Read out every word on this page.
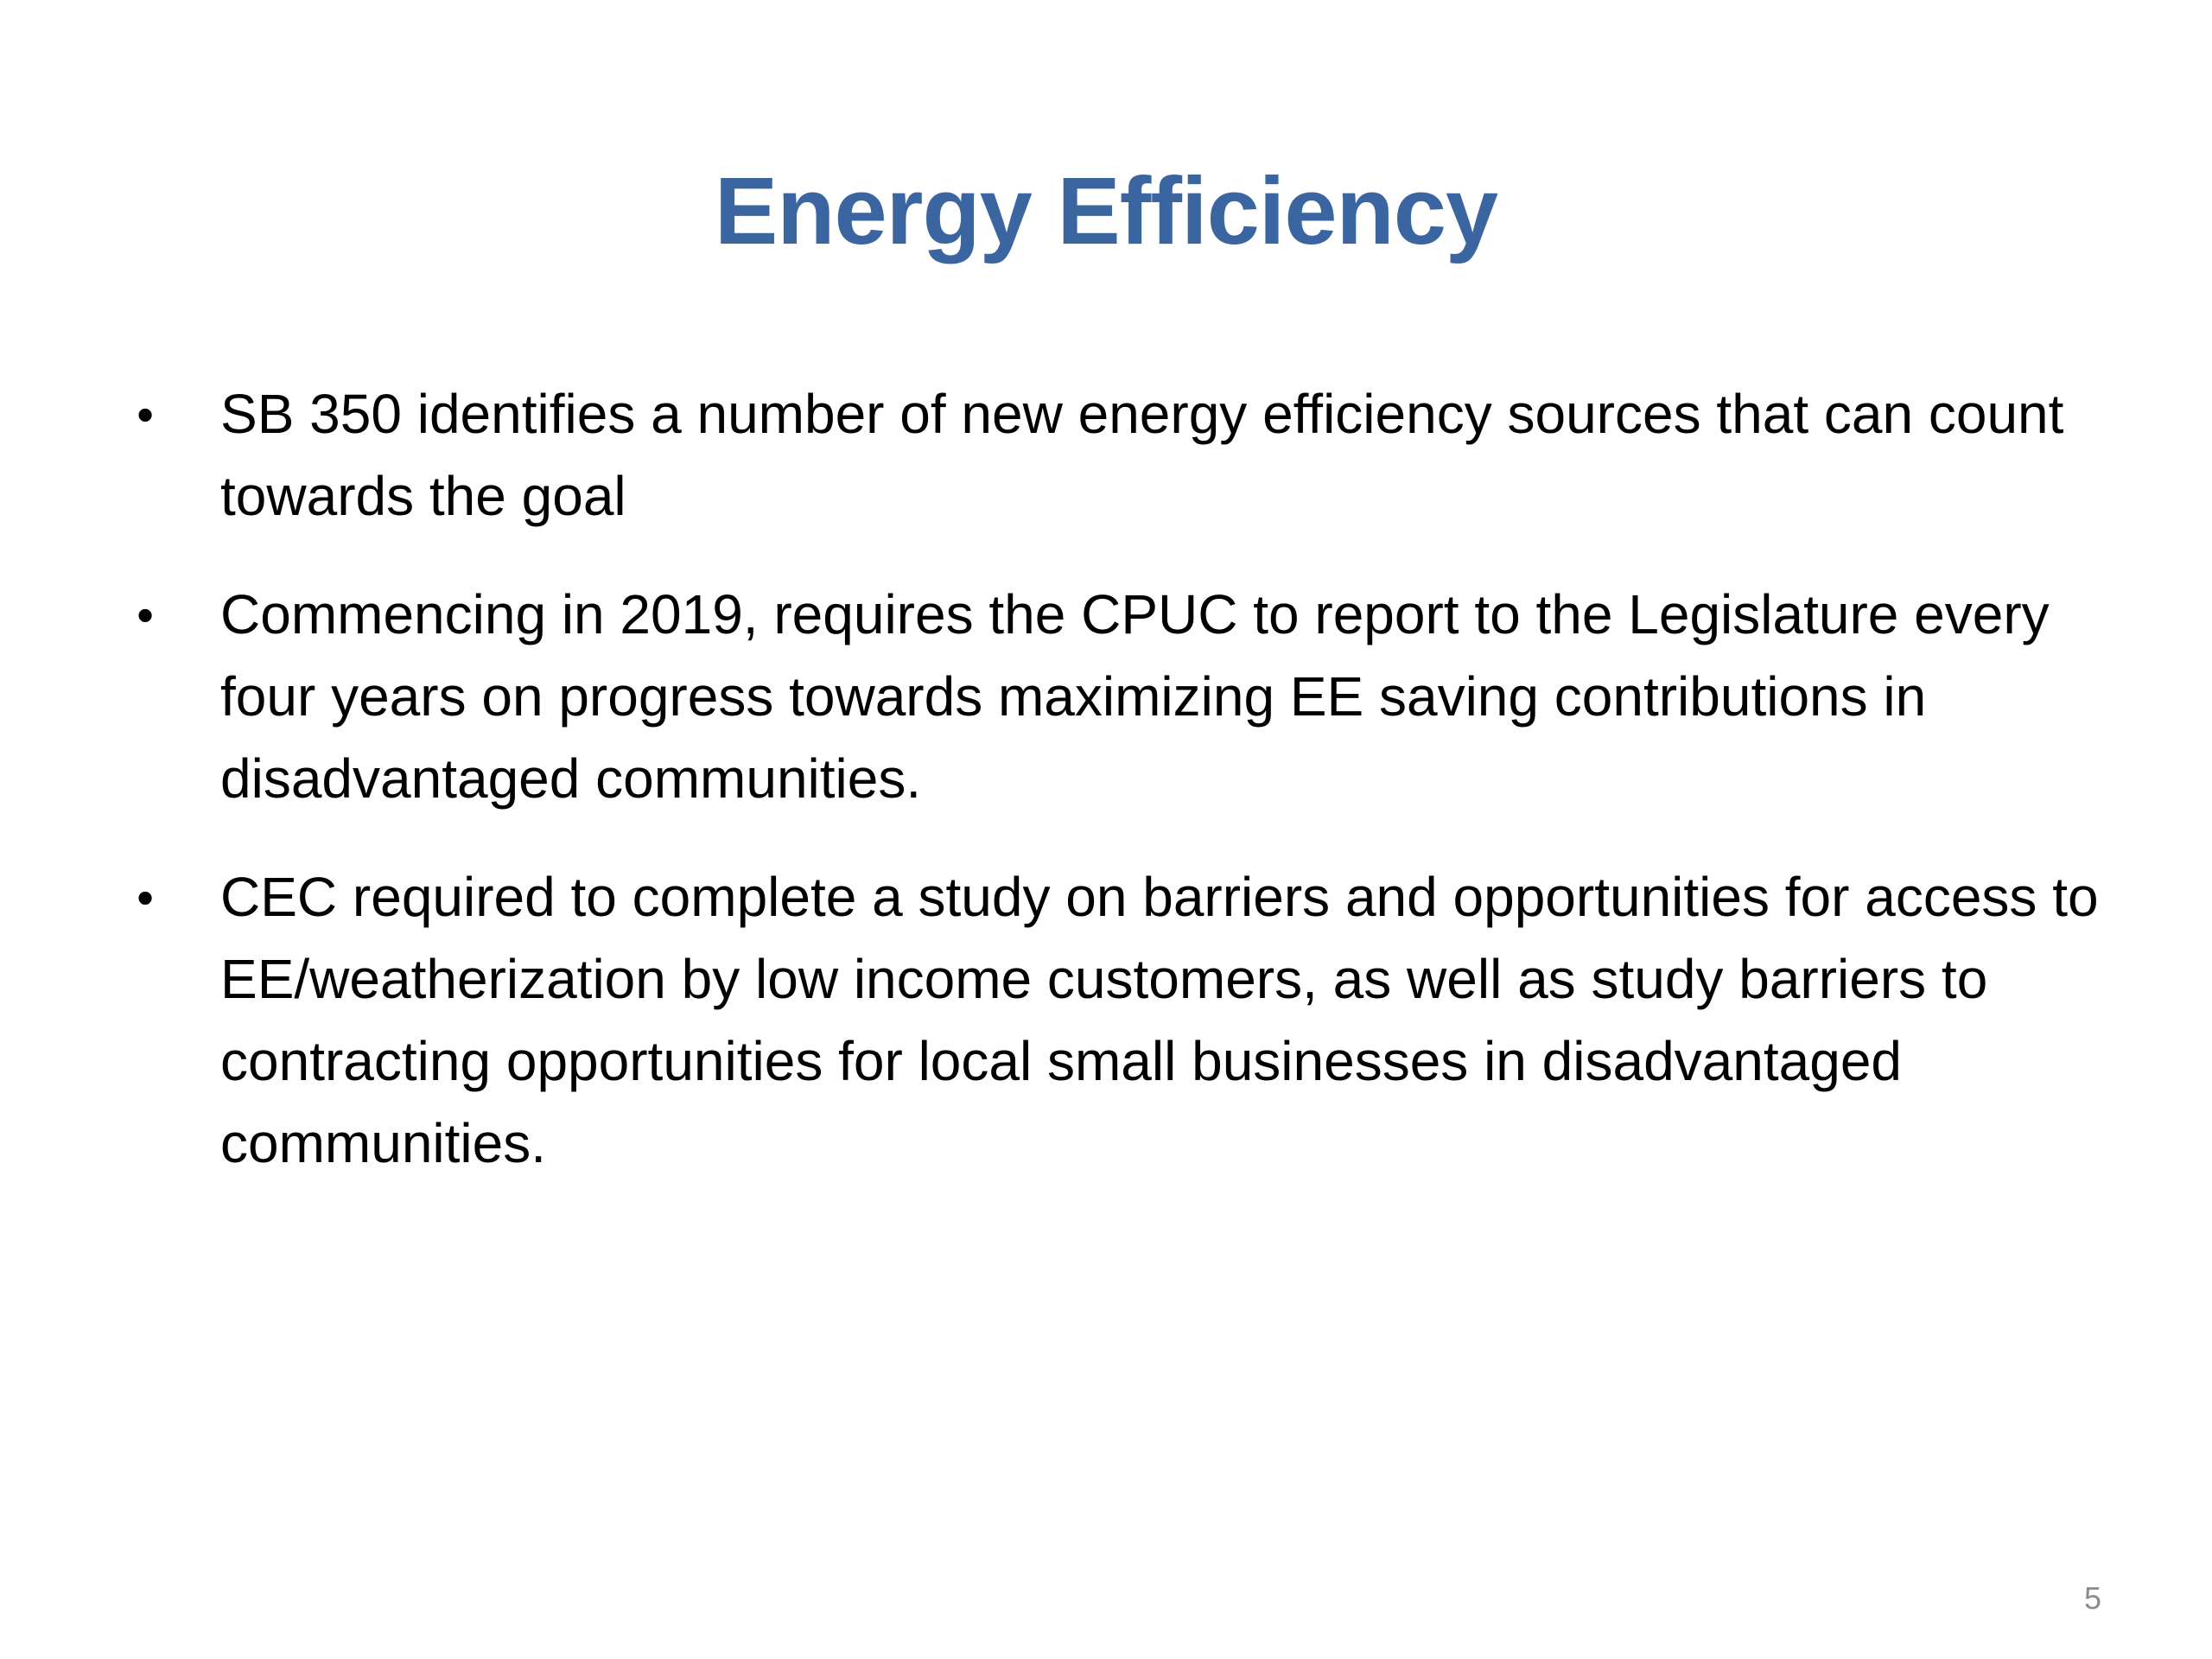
Energy Efficiency
• SB 350 identifies a number of new energy efficiency sources that can count towards the goal
• Commencing in 2019, requires the CPUC to report to the Legislature every four years on progress towards maximizing EE saving contributions in disadvantaged communities.
• CEC required to complete a study on barriers and opportunities for access to EE/weatherization by low income customers, as well as study barriers to contracting opportunities for local small businesses in disadvantaged communities.
5
